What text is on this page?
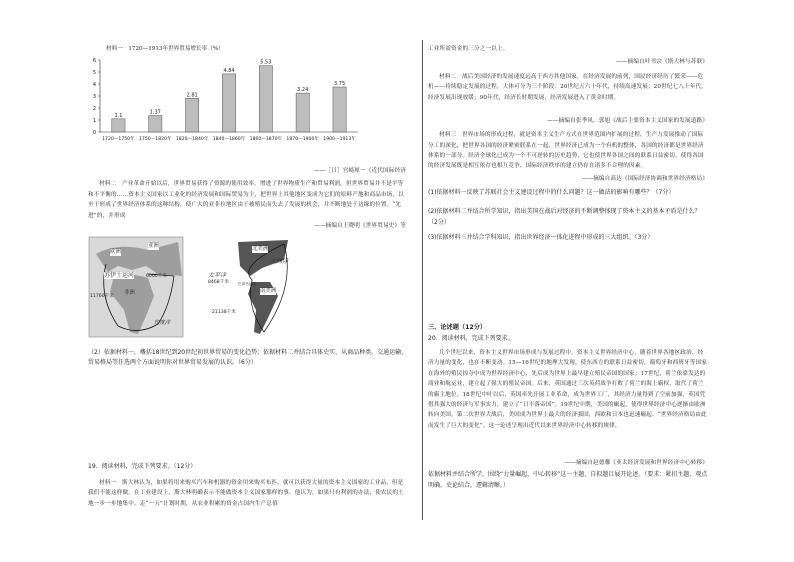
材料一　1720—1913年世界贸易增长率（%）
0
1
2
3
4
5
6
1.1
1720—1750年
1.37
1750—1820年
2.81
1820—1840年
4.84
1840—1860年
5.53
1860—1870年
3.24
1870—1900年
3.75
1900—1913年
——［日］宫崎犀一《近代国际经济
材料二　产业革命开始以后，世界贸易获得了资源的使用效率，增进了世界物质生产和贸易利润。但世界贸易并不是平等和不平衡的……资本主义国家以工业化的经济发展和国际贸易为主，把世界上其他地区变成为它们的原料产地和商品市场，以至于形成了世界经济体系的这种结构，使广大的亚非拉地区由于被殖民而失去了发展的机会，并不断地处于边缘的位置。“先进”的，并形成
——摘编自王晓明《世界贸易史》等
亚洲
欧洲
苏伊士运河	6000千米
非洲
11760千米
印度洋
北美洲
大西洋
太平洋
巴拿马运河
8468千米
南美洲
21138千米
（2）依据材料一，概括18世纪到20世纪初世界贸易的变化趋势；依据材料二并结合具体史实，从商品种类、交通运输、贸易格局等任选两个方面说明你对世界贸易发展的认识。（6分）
19．阅读材料，完成下列要求。（12分）
材料一　斯大林认为，如果将用来购买汽车和机器的资金用来购买布匹，就可以获得大量的资本主义国家的工业品，但是我们不能这样做。在工业建设上，斯大林明确表示不能做资本主义国家那样的事。他认为，如果只有利润的办法，使农民的土地一步一步地集中，走“一五”计划时期，从农业积累的资金占国内生产总值
工业所需资金的三分之一以上。
——摘编自叶书宗《斯大林与苏联》
材料二　战后美国经济的发展速度远高于西方其他国家，在经济发展的前列，国民经济经历了繁荣——危机——持续稳定发展的过程，大体可分为三个阶段：20世纪五六十年代，持续高速发展；20世纪七八十年代，经济发展出现放缓；90年代，经济长时期发展，经济发展进入了黄金时期。
——摘编自张季风、郭旭《战后主要资本主义国家的发展道路》
材料三　世界市场的形成过程，就是资本主义生产方式在世界范围内扩展的过程，生产力发展推动了国际分工的深化，把世界各国的经济紧密联系在一起，世界经济已成为一个有机的整体，各国的经济都是世界经济体系的一部分。经济全球化已成为一个不可逆转的历史趋势，它也使世界各国之间的联系日益密切，使得各国的经济发展既是相互依存也相互竞争，国际经济秩序的建立仍存在诸多不合理的因素。
——摘编自高达《国际经济协调和世界经济格局》
(1)依据材料一反映了苏联社会主义建设过程中的什么问题？这一做法的影响有哪些？（7分）
(2)依据材料二并结合所学知识，指出美国在战后对经济的不断调整体现了资本主义的基本矛盾是什么？（2分）
(3)依据材料三并结合学科知识，指出世界经济一体化进程中形成的三大组织。（3分）
三、论述题（12分）
20．阅读材料，完成下列要求。
几个世纪以来，资本主义世界市场形成与发展过程中，资本主义世界经济中心，随着世界各地区政治、经济力量的变化，也在不断变动。15—16世纪的地理大发现，使东西方的联系日益密切，葡萄牙和西班牙等国家在海外的殖民掠夺中成为世界经济中心，先后成为世界上最早建立殖民帝国的国家；17世纪，荷兰依靠发达的商业和航运业，建立起了强大的殖民帝国。后来，英国通过三次英荷战争打败了荷兰的海上霸权，取代了荷兰的霸主地位。18世纪中叶以后，英国率先开展工业革命，成为世界工厂，其经济力量得到了空前加强，英国凭借其强大的经济与军事实力，建立了“日不落帝国”。19世纪中期，美国的崛起，使得世界经济中心逐渐由欧洲转向美国。第二次世界大战后，美国成为世界上最大的经济强国，西欧和日本也迅速崛起。“世界经济格局由此而发生了巨大的变化”。这一论述呈现出近代以来世界经济中心转移的规律。
——摘编自赵德馨《亚太经济发展和世界经济中心转移》
依据材料并结合所学，围绕“力量崛起，中心转移”这一主题，自拟题目展开论述。（要求：紧扣主题，观点明确，史论结合，逻辑清晰。）
